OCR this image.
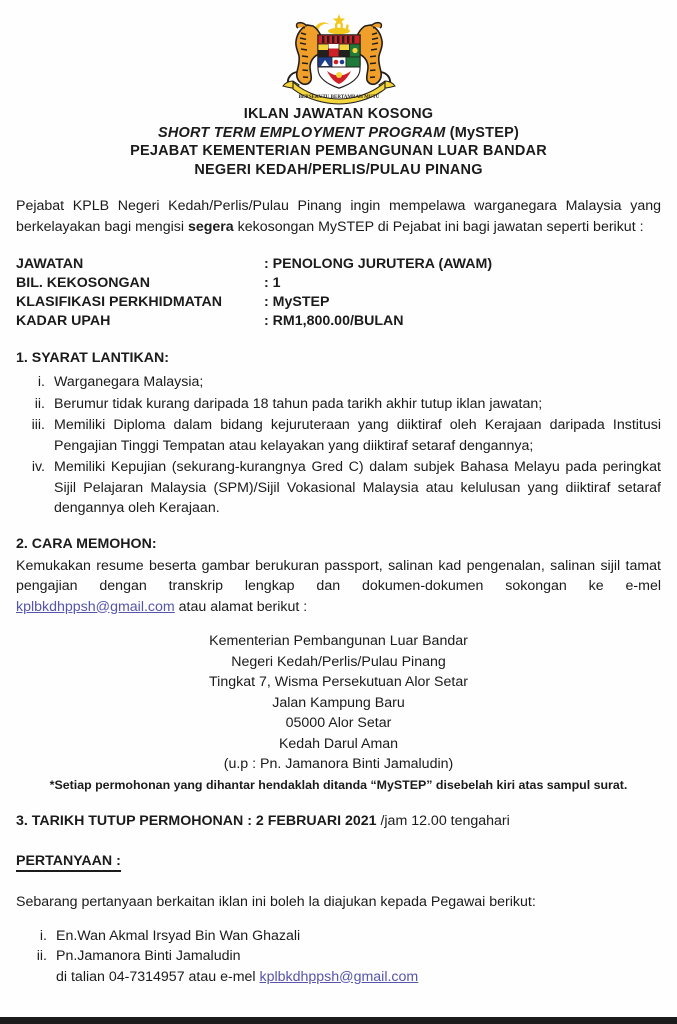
BERSEKUTU BERTAMBAH MUTU
IKLAN JAWATAN KOSONG
SHORT TERM EMPLOYMENT PROGRAM (MySTEP)
PEJABAT KEMENTERIAN PEMBANGUNAN LUAR BANDAR
NEGERI KEDAH/PERLIS/PULAU PINANG

Pejabat KPLB Negeri Kedah/Perlis/Pulau Pinang ingin mempelawa warganegara Malaysia yang berkelayakan bagi mengisi segera kekosongan MySTEP di Pejabat ini bagi jawatan seperti berikut :

JAWATAN	: PENOLONG JURUTERA (AWAM)
BIL. KEKOSONGAN	: 1
KLASIFIKASI PERKHIDMATAN	: MySTEP
KADAR UPAH	: RM1,800.00/BULAN
1. SYARAT LANTIKAN:
i. Warganegara Malaysia;
ii. Berumur tidak kurang daripada 18 tahun pada tarikh akhir tutup iklan jawatan;
iii. Memiliki Diploma dalam bidang kejuruteraan yang diiktiraf oleh Kerajaan daripada Institusi Pengajian Tinggi Tempatan atau kelayakan yang diiktiraf setaraf dengannya;
iv. Memiliki Kepujian (sekurang-kurangnya Gred C) dalam subjek Bahasa Melayu pada peringkat Sijil Pelajaran Malaysia (SPM)/Sijil Vokasional Malaysia atau kelulusan yang diiktiraf setaraf dengannya oleh Kerajaan.
2. CARA MEMOHON:

Kemukakan resume beserta gambar berukuran passport, salinan kad pengenalan, salinan sijil tamat pengajian dengan transkrip lengkap dan dokumen-dokumen sokongan ke e-mel kplbkdhppsh@gmail.com atau alamat berikut :

Kementerian Pembangunan Luar Bandar
Negeri Kedah/Perlis/Pulau Pinang
Tingkat 7, Wisma Persekutuan Alor Setar
Jalan Kampung Baru
05000 Alor Setar
Kedah Darul Aman
(u.p : Pn. Jamanora Binti Jamaludin)
*Setiap permohonan yang dihantar hendaklah ditanda “MySTEP” disebelah kiri atas sampul surat.
3. TARIKH TUTUP PERMOHONAN : 2 FEBRUARI 2021 /jam 12.00 tengahari
PERTANYAAN :
Sebarang pertanyaan berkaitan iklan ini boleh la diajukan kepada Pegawai berikut:
i. En.Wan Akmal Irsyad Bin Wan Ghazali
ii. Pn.Jamanora Binti Jamaludin
di talian 04-7314957 atau e-mel kplbkdhppsh@gmail.com
